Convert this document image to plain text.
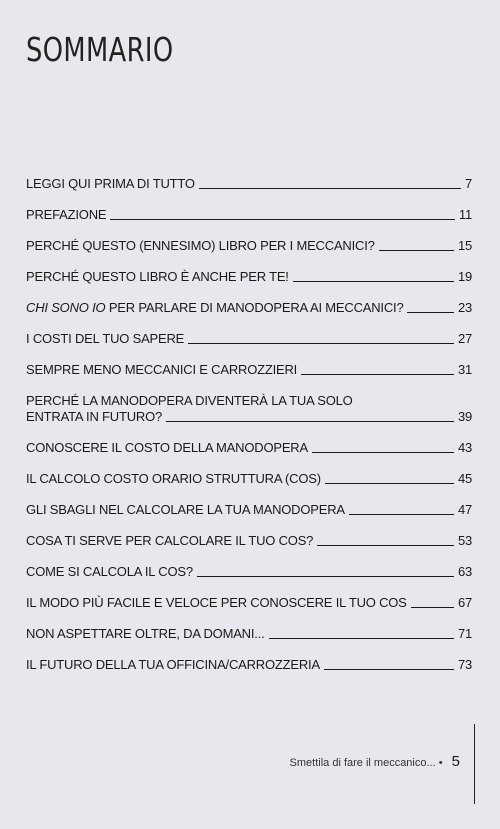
SOMMARIO
LEGGI QUI PRIMA DI TUTTO	7
PREFAZIONE	11
PERCHÉ QUESTO (ENNESIMO) LIBRO PER I MECCANICI?	15
PERCHÉ QUESTO LIBRO È ANCHE PER TE!	19
CHI SONO IO PER PARLARE DI MANODOPERA AI MECCANICI?	23
I COSTI DEL TUO SAPERE	27
SEMPRE MENO MECCANICI E CARROZZIERI	31
PERCHÉ LA MANODOPERA DIVENTERÀ LA TUA SOLO
ENTRATA IN FUTURO?	39
CONOSCERE IL COSTO DELLA MANODOPERA	43
IL CALCOLO COSTO ORARIO STRUTTURA (COS)	45
GLI SBAGLI NEL CALCOLARE LA TUA MANODOPERA	47
COSA TI SERVE PER CALCOLARE IL TUO COS?	53
COME SI CALCOLA IL COS?	63
IL MODO PIÙ FACILE E VELOCE PER CONOSCERE IL TUO COS	67
NON ASPETTARE OLTRE, DA DOMANI...	71
IL FUTURO DELLA TUA OFFICINA/CARROZZERIA	73
Smettila di fare il meccanico... • 5
